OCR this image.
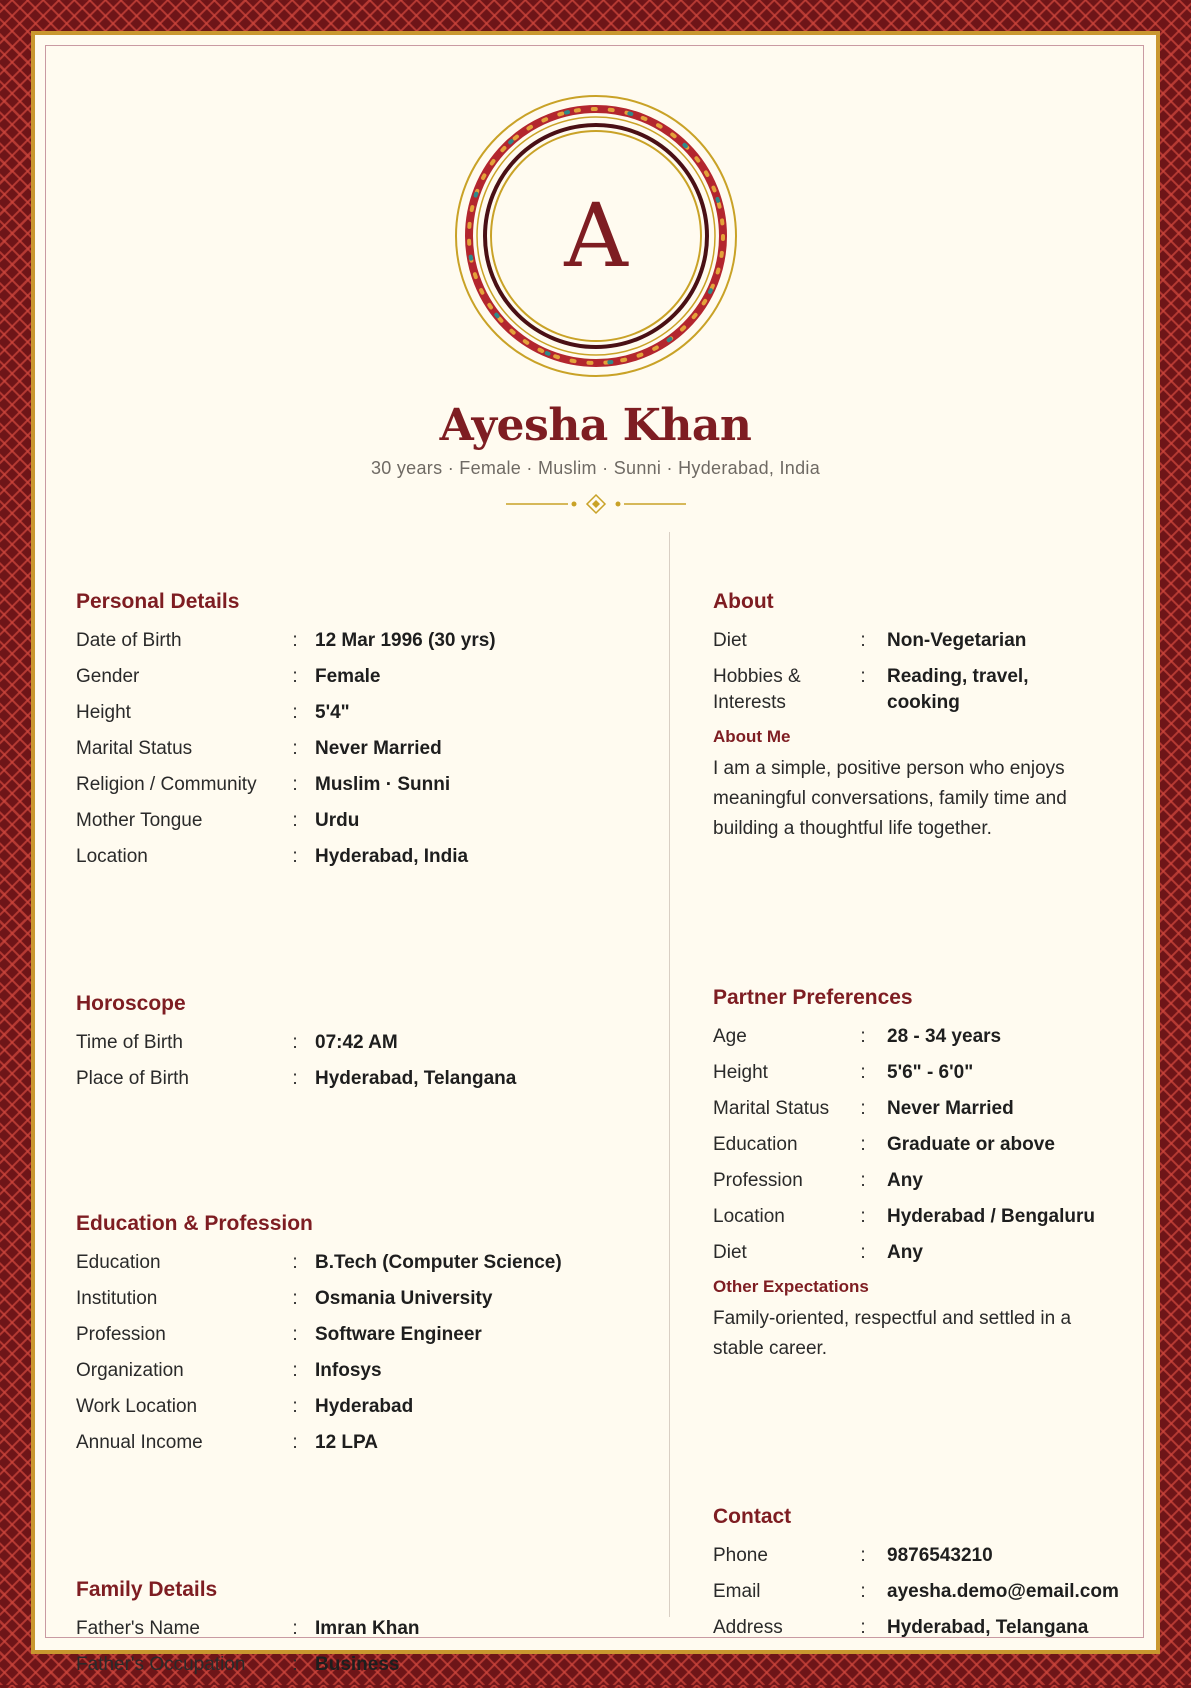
A
Ayesha Khan
30 years · Female · Muslim · Sunni · Hyderabad, India
Personal Details
Date of Birth	: 12 Mar 1996 (30 yrs)
Gender	: Female
Height	: 5'4"
Marital Status	: Never Married
Religion / Community	: Muslim · Sunni
Mother Tongue	: Urdu
Location	: Hyderabad, India
Horoscope
Time of Birth	: 07:42 AM
Place of Birth	: Hyderabad, Telangana
Education & Profession
Education	: B.Tech (Computer Science)
Institution	: Osmania University
Profession	: Software Engineer
Organization	: Infosys
Work Location	: Hyderabad
Annual Income	: 12 LPA
Family Details
Father's Name	: Imran Khan
Father's Occupation	: Business
About
Diet	:	Non-Vegetarian
Hobbies & Interests
:	Reading, travel, cooking
About Me
I am a simple, positive person who enjoys meaningful conversations, family time and building a thoughtful life together.
Partner Preferences
Age	:	28 - 34 years
Height	:	5'6" - 6'0"
Marital Status	:	Never Married
Education	:	Graduate or above
Profession	:	Any
Location	:	Hyderabad / Bengaluru
Diet	:	Any
Other Expectations
Family-oriented, respectful and settled in a stable career.
Contact
Phone	:	9876543210
Email	:	ayesha.demo@email.com
Address	:	Hyderabad, Telangana
